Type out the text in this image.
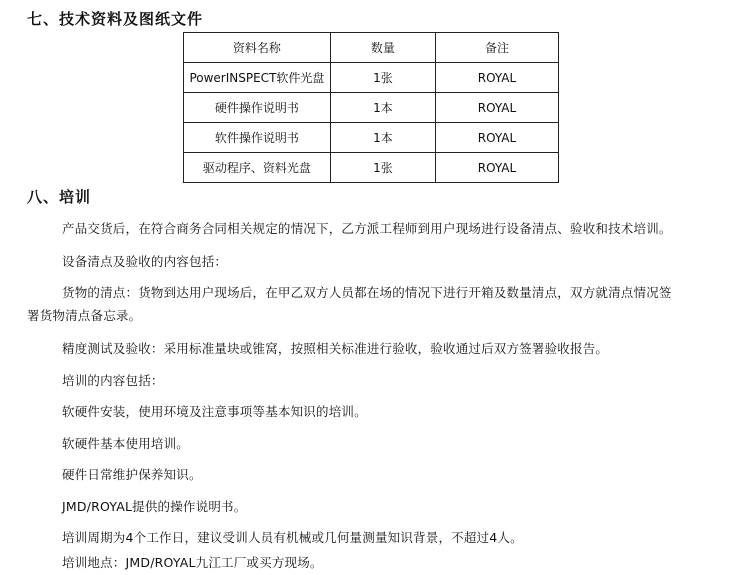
七、技术资料及图纸文件
资料名称	数量	备注
PowerINSPECT软件光盘	1张	ROYAL
硬件操作说明书	1本	ROYAL
软件操作说明书	1本	ROYAL
驱动程序、资料光盘	1张	ROYAL
八、培训
产品交货后，在符合商务合同相关规定的情况下，乙方派工程师到用户现场进行设备清点、验收和技术培训。
设备清点及验收的内容包括：
货物的清点：货物到达用户现场后，在甲乙双方人员都在场的情况下进行开箱及数量清点，双方就清点情况签
署货物清点备忘录。
精度测试及验收：采用标准量块或锥窝，按照相关标准进行验收，验收通过后双方签署验收报告。
培训的内容包括：
软硬件安装，使用环境及注意事项等基本知识的培训。
软硬件基本使用培训。
硬件日常维护保养知识。
JMD/ROYAL提供的操作说明书。
培训周期为4个工作日，建议受训人员有机械或几何量测量知识背景，不超过4人。
培训地点：JMD/ROYAL九江工厂或买方现场。
